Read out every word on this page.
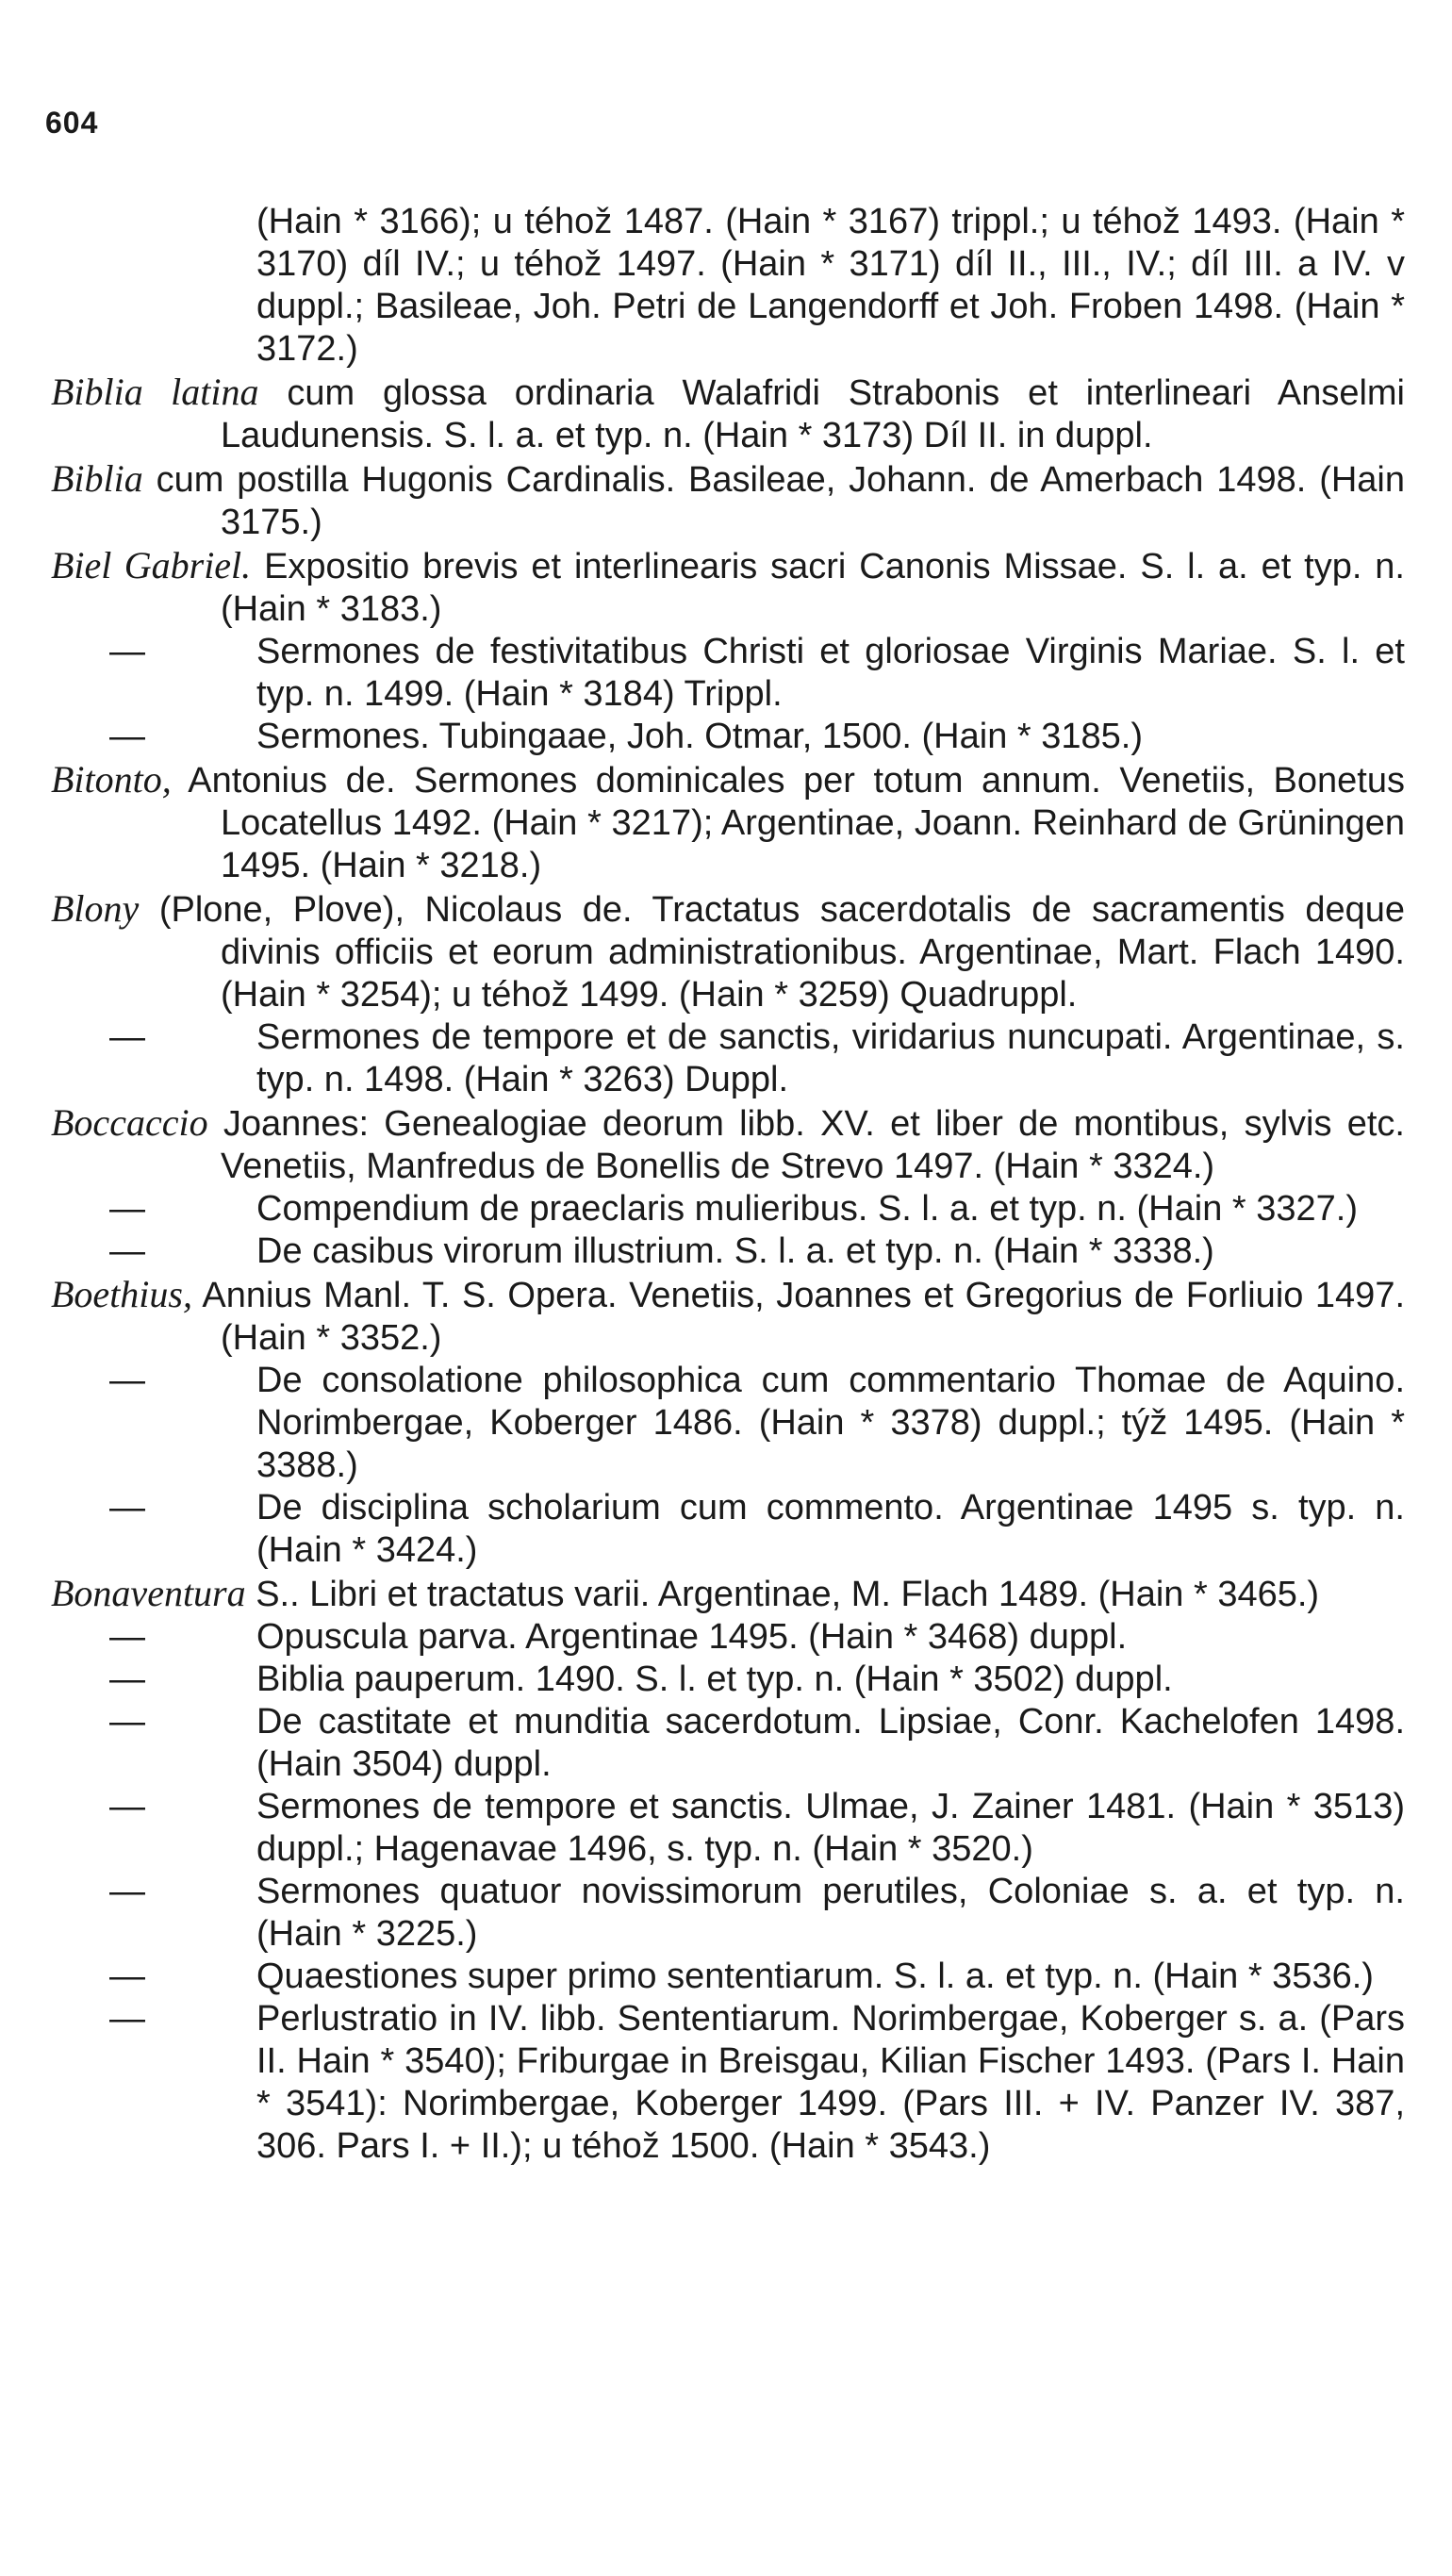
604
(Hain * 3166); u téhož 1487. (Hain * 3167) trippl.; u téhož 1493. (Hain * 3170) díl IV.; u téhož 1497. (Hain * 3171) díl II., III., IV.; díl III. a IV. v duppl.; Basileae, Joh. Petri de Langendorff et Joh. Froben 1498. (Hain * 3172.)
Biblia latina cum glossa ordinaria Walafridi Strabonis et interlineari Anselmi Laudunensis. S. l. a. et typ. n. (Hain * 3173) Díl II. in duppl.
Biblia cum postilla Hugonis Cardinalis. Basileae, Johann. de Amerbach 1498. (Hain 3175.)
Biel Gabriel. Expositio brevis et interlinearis sacri Canonis Missae. S. l. a. et typ. n. (Hain * 3183.)
—	Sermones de festivitatibus Christi et gloriosae Virginis Mariae. S. l. et typ. n. 1499. (Hain * 3184) Trippl.
—	Sermones. Tubingaae, Joh. Otmar, 1500. (Hain * 3185.)
Bitonto, Antonius de. Sermones dominicales per totum annum. Venetiis, Bonetus Locatellus 1492. (Hain * 3217); Argentinae, Joann. Reinhard de Grüningen 1495. (Hain * 3218.)
Blony (Plone, Plove), Nicolaus de. Tractatus sacerdotalis de sacramentis deque divinis officiis et eorum administrationibus. Argentinae, Mart. Flach 1490. (Hain * 3254); u téhož 1499. (Hain * 3259) Quadruppl.
—	Sermones de tempore et de sanctis, viridarius nuncupati. Argentinae, s. typ. n. 1498. (Hain * 3263) Duppl.
Boccaccio Joannes: Genealogiae deorum libb. XV. et liber de montibus, sylvis etc. Venetiis, Manfredus de Bonellis de Strevo 1497. (Hain * 3324.)
—	Compendium de praeclaris mulieribus. S. l. a. et typ. n. (Hain * 3327.)
—	De casibus virorum illustrium. S. l. a. et typ. n. (Hain * 3338.)
Boethius, Annius Manl. T. S. Opera. Venetiis, Joannes et Gregorius de Forliuio 1497. (Hain * 3352.)
—	De consolatione philosophica cum commentario Thomae de Aquino. Norimbergae, Koberger 1486. (Hain * 3378) duppl.; týž 1495. (Hain * 3388.)
—	De disciplina scholarium cum commento. Argentinae 1495 s. typ. n. (Hain * 3424.)
Bonaventura S.. Libri et tractatus varii. Argentinae, M. Flach 1489. (Hain * 3465.)
—	Opuscula parva. Argentinae 1495. (Hain * 3468) duppl.
—	Biblia pauperum. 1490. S. l. et typ. n. (Hain * 3502) duppl.
—	De castitate et munditia sacerdotum. Lipsiae, Conr. Kachelofen 1498. (Hain 3504) duppl.
—	Sermones de tempore et sanctis. Ulmae, J. Zainer 1481. (Hain * 3513) duppl.; Hagenavae 1496, s. typ. n. (Hain * 3520.)
—	Sermones quatuor novissimorum perutiles, Coloniae s. a. et typ. n. (Hain * 3225.)
—	Quaestiones super primo sententiarum. S. l. a. et typ. n. (Hain * 3536.)
—	Perlustratio in IV. libb. Sententiarum. Norimbergae, Koberger s. a. (Pars II. Hain * 3540); Friburgae in Breisgau, Kilian Fischer 1493. (Pars I. Hain * 3541): Norimbergae, Koberger 1499. (Pars III. + IV. Panzer IV. 387, 306. Pars I. + II.); u téhož 1500. (Hain * 3543.)
